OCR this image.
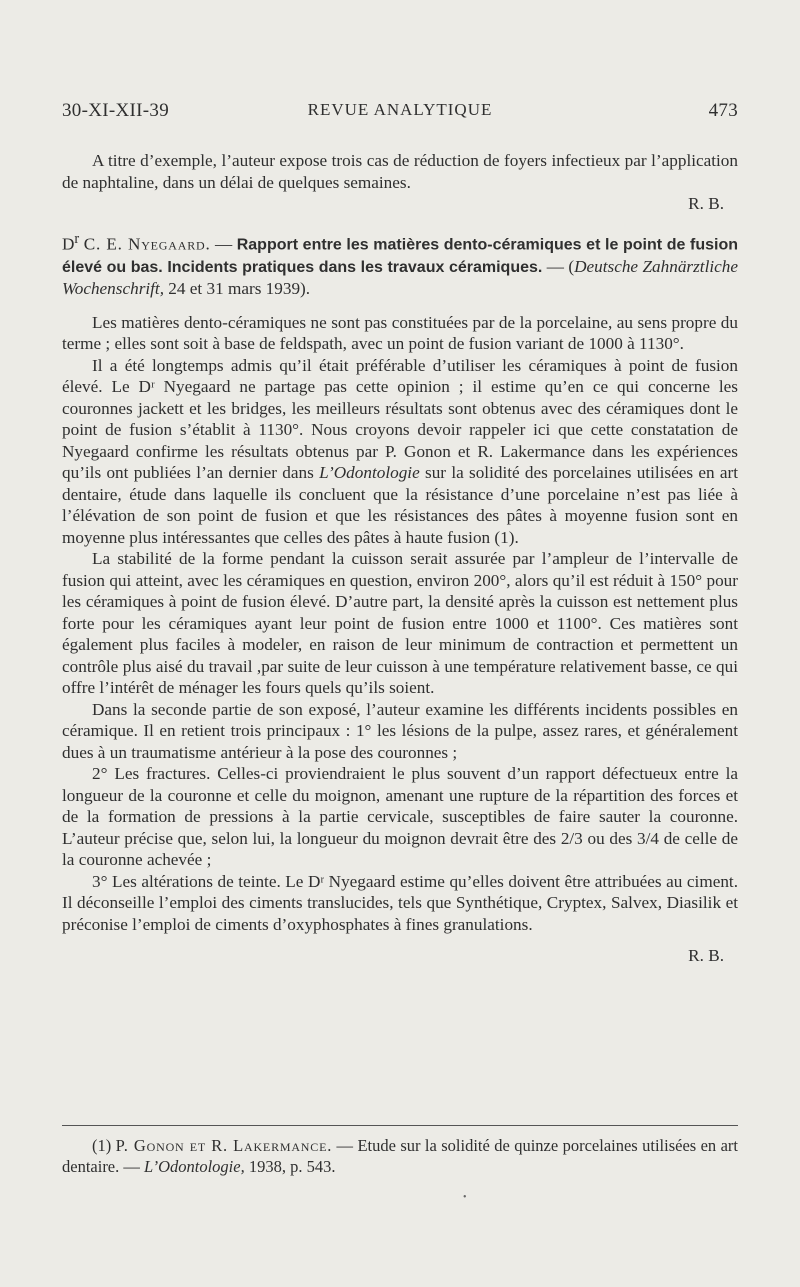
30-XI-XII-39	REVUE ANALYTIQUE	473

A titre d’exemple, l’auteur expose trois cas de réduction de foyers infectieux par l’application de naphtaline, dans un délai de quelques semaines.

R. B.

$D^r$ C. E. Nyegaard. — Rapport entre les matières dento-céramiques et le point de fusion élevé ou bas. Incidents pratiques dans les travaux céramiques. — (Deutsche Zahnärztliche Wochenschrift, 24 et 31 mars 1939).

Les matières dento-céramiques ne sont pas constituées par de la porcelaine, au sens propre du terme ; elles sont soit à base de feldspath, avec un point de fusion variant de 1000 à 1130°.

Il a été longtemps admis qu’il était préférable d’utiliser les céramiques à point de fusion élevé. Le Dʳ Nyegaard ne partage pas cette opinion ; il estime qu’en ce qui concerne les couronnes jackett et les bridges, les meilleurs résultats sont obtenus avec des céramiques dont le point de fusion s’établit à 1130°. Nous croyons devoir rappeler ici que cette constatation de Nyegaard confirme les résultats obtenus par P. Gonon et R. Lakermance dans les expériences qu’ils ont publiées l’an dernier dans L’Odontologie sur la solidité des porcelaines utilisées en art dentaire, étude dans laquelle ils concluent que la résistance d’une porcelaine n’est pas liée à l’élévation de son point de fusion et que les résistances des pâtes à moyenne fusion sont en moyenne plus intéressantes que celles des pâtes à haute fusion (1).

La stabilité de la forme pendant la cuisson serait assurée par l’ampleur de l’intervalle de fusion qui atteint, avec les céramiques en question, environ 200°, alors qu’il est réduit à 150° pour les céramiques à point de fusion élevé. D’autre part, la densité après la cuisson est nettement plus forte pour les céramiques ayant leur point de fusion entre 1000 et 1100°. Ces matières sont également plus faciles à modeler, en raison de leur minimum de contraction et permettent un contrôle plus aisé du travail ,par suite de leur cuisson à une température relativement basse, ce qui offre l’intérêt de ménager les fours quels qu’ils soient.

Dans la seconde partie de son exposé, l’auteur examine les différents incidents possibles en céramique. Il en retient trois principaux : 1° les lésions de la pulpe, assez rares, et généralement dues à un traumatisme antérieur à la pose des couronnes ;

2° Les fractures. Celles-ci proviendraient le plus souvent d’un rapport défectueux entre la longueur de la couronne et celle du moignon, amenant une rupture de la répartition des forces et de la formation de pressions à la partie cervicale, susceptibles de faire sauter la couronne. L’auteur précise que, selon lui, la longueur du moignon devrait être des 2/3 ou des 3/4 de celle de la couronne achevée ;

3° Les altérations de teinte. Le Dʳ Nyegaard estime qu’elles doivent être attribuées au ciment. Il déconseille l’emploi des ciments translucides, tels que Synthétique, Cryptex, Salvex, Diasilik et préconise l’emploi de ciments d’oxyphosphates à fines granulations.

R. B.

(1) P. Gonon et R. Lakermance. — Etude sur la solidité de quinze porcelaines utilisées en art dentaire. — L’Odontologie, 1938, p. 543.

•
